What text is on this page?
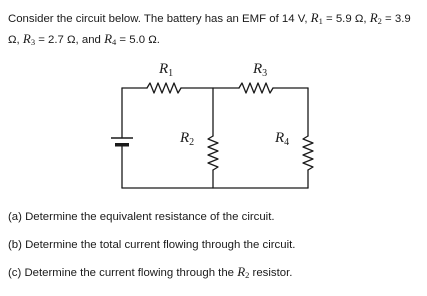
Consider the circuit below. The battery has an EMF of 14 V, $R_1 = 5.9$ Ω, $R_2 = 3.9$ Ω, $R_3 = 2.7$ Ω, and $R_4 = 5.0$ Ω.
$R_1$	$R_3$
$R_2$	$R_4$
(a) Determine the equivalent resistance of the circuit.
(b) Determine the total current flowing through the circuit.
(c) Determine the current flowing through the $R_2$ resistor.
